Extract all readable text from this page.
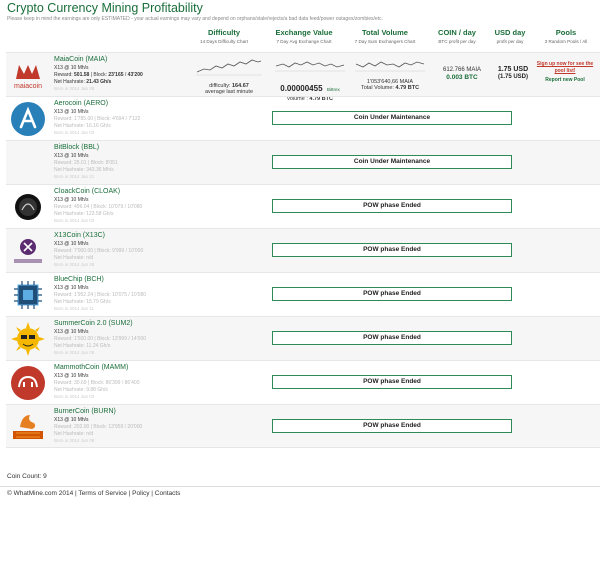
Crypto Currency Mining Profitability
Please keep in mind the earnings are only ESTIMATED - your actual earnings may vary and depend on orphans/stale/rejects/a bad data feed/power outages/zombies/etc.
Difficulty
14 Days Difficulty Chart
Exchange Value
7 Day Avg Exchange Chart
Total Volume
7 Day Sum Exchangers Chart
COIN / day
BTC profit per day
USD day
profit per day
Pools
3 Random Pools / All
maiacoin
MaiaCoin (MAIA)
X13 @ 10 Mh/s
Reward: 501.58 | Block: 23'165 / 43'200
Net Hashrate: 21.43 Gh/s
Born in 2014 Jan 28	difficulty: 164.67
average last minute	0.00000455 Bittrex
volume : 4.79 BTC
1'053'640,66 MAIA
Total Volume: 4.79 BTC
612.766 MAIA
0.003 BTC
1.75 USD
(1.75 USD)
Sign up now for see the pool list!
Report new Pool
Aerocoin (AERO)
X13 @ 10 Mh/s
Reward: 1'785.00 | Block: 4'694 / 7'122
Net Hashrate: 16.16 Gh/s
Born in 2014 Jan 03
Coin Under Maintenance
BitBlock (BBL)
X13 @ 10 Mh/s
Reward: 25.01 | Block: 8'051
Net Hashrate: 343.36 Mh/s
Born in 2014 Jan 21
Coin Under Maintenance
CloackCoin (CLOAK)
X13 @ 10 Mh/s
Reward: 496.04 | Block: 10'079 / 10'080
Net Hashrate: 123.58 Gh/s
Born in 2014 Jun 03
POW phase Ended
X13Coin (X13C)
X13 @ 10 Mh/s
Reward: 7'000.00 | Block: 9'999 / 10'000
Net Hashrate: n/d
Born in 2014 Jun 28
POW phase Ended
BlueChip (BCH)
X13 @ 10 Mh/s
Reward: 1'952.24 | Block: 10'075 / 10'080
Net Hashrate: 15.79 Gh/s
Born in 2014 Jun 11
POW phase Ended
SummerCoin 2.0 (SUM2)
X13 @ 10 Mh/s
Reward: 1'500.00 | Block: 13'999 / 14'000
Net Hashrate: 11.24 Gh/s
Born in 2014 Jun 05
POW phase Ended
MammothCoin (MAMM)
X13 @ 10 Mh/s
Reward: 30.69 | Block: 86'399 / 86'400
Net Hashrate: 9.88 Gh/s
Born in 2014 Jun 03
POW phase Ended
BurnerCoin (BURN)
X13 @ 10 Mh/s
Reward: 202.00 | Block: 13'959 / 20'000
Net Hashrate: n/d
Born in 2014 Jun 08
POW phase Ended
Coin Count: 9
© WhatMine.com 2014 | Terms of Service | Policy | Contacts
